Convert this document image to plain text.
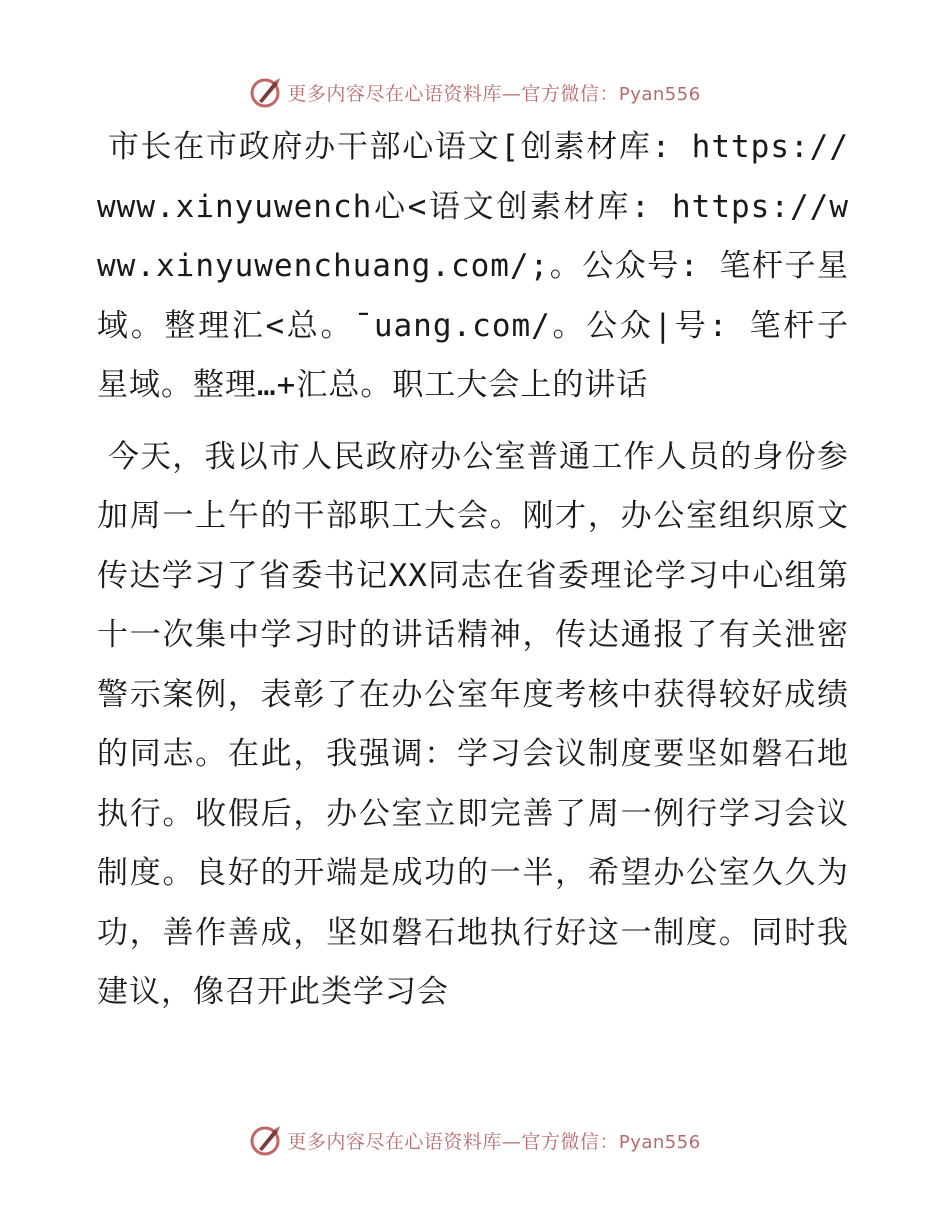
更多内容尽在心语资料库—官方微信：Pyan556

市长在市政府办干部心语文[创素材库: https://www.xinyuwench心<语文创素材库: https://www.xinyuwenchuang.com/;。公众号: 笔杆子星域。整理汇<总。¯uang.com/。公众|号: 笔杆子星域。整理…+汇总。职工大会上的讲话

今天，我以市人民政府办公室普通工作人员的身份参加周一上午的干部职工大会。刚才，办公室组织原文传达学习了省委书记XX同志在省委理论学习中心组第十一次集中学习时的讲话精神，传达通报了有关泄密警示案例，表彰了在办公室年度考核中获得较好成绩的同志。在此，我强调：学习会议制度要坚如磐石地执行。收假后，办公室立即完善了周一例行学习会议制度。良好的开端是成功的一半，希望办公室久久为功，善作善成，坚如磐石地执行好这一制度。同时我建议，像召开此类学习会

更多内容尽在心语资料库—官方微信：Pyan556
